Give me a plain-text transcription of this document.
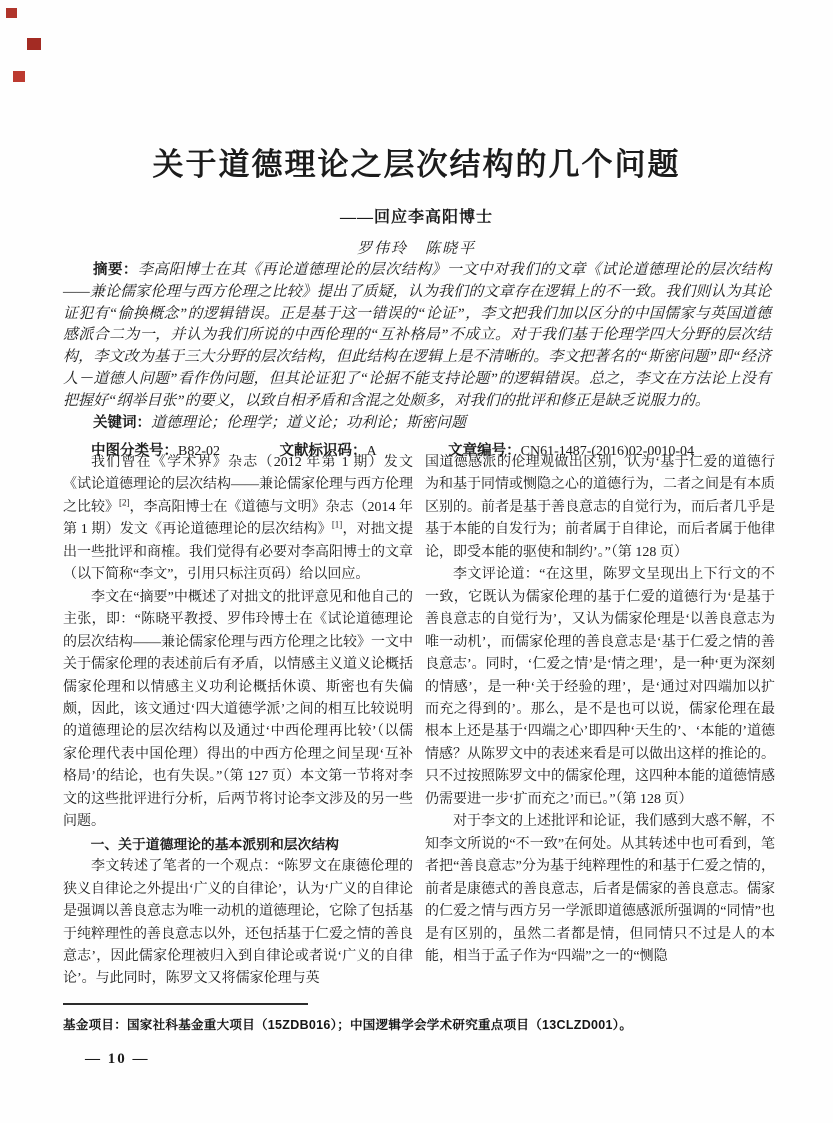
关于道德理论之层次结构的几个问题
——回应李高阳博士
罗伟玲　陈晓平

摘要：李高阳博士在其《再论道德理论的层次结构》一文中对我们的文章《试论道德理论的层次结构——兼论儒家伦理与西方伦理之比较》提出了质疑，认为我们的文章存在逻辑上的不一致。我们则认为其论证犯有“偷换概念”的逻辑错误。正是基于这一错误的“论证”，李文把我们加以区分的中国儒家与英国道德感派合二为一，并认为我们所说的中西伦理的“互补格局”不成立。对于我们基于伦理学四大分野的层次结构，李文改为基于三大分野的层次结构，但此结构在逻辑上是不清晰的。李文把著名的“斯密问题”即“经济人－道德人问题”看作伪问题，但其论证犯了“论据不能支持论题”的逻辑错误。总之，李文在方法论上没有把握好“纲举目张”的要义，以致自相矛盾和含混之处颇多，对我们的批评和修正是缺乏说服力的。

关键词：道德理论；伦理学；道义论；功利论；斯密问题

中图分类号：B82-02	文献标识码：A	文章编号：CN61-1487-(2016)02-0010-04

我们曾在《学术界》杂志（2012 年第 1 期）发文《试论道德理论的层次结构——兼论儒家伦理与西方伦理之比较》[2]，李高阳博士在《道德与文明》杂志（2014 年第 1 期）发文《再论道德理论的层次结构》[1]，对拙文提出一些批评和商榷。我们觉得有必要对李高阳博士的文章（以下简称“李文”，引用只标注页码）给以回应。

李文在“摘要”中概述了对拙文的批评意见和他自己的主张，即：“陈晓平教授、罗伟玲博士在《试论道德理论的层次结构——兼论儒家伦理与西方伦理之比较》一文中关于儒家伦理的表述前后有矛盾，以情感主义道义论概括儒家伦理和以情感主义功利论概括休谟、斯密也有失偏颇，因此，该文通过‘四大道德学派’之间的相互比较说明的道德理论的层次结构以及通过‘中西伦理再比较’（以儒家伦理代表中国伦理）得出的中西方伦理之间呈现‘互补格局’的结论，也有失误。”（第 127 页）本文第一节将对李文的这些批评进行分析，后两节将讨论李文涉及的另一些问题。

一、关于道德理论的基本派别和层次结构

李文转述了笔者的一个观点：“陈罗文在康德伦理的狭义自律论之外提出‘广义的自律论’，认为‘广义的自律论是强调以善良意志为唯一动机的道德理论，它除了包括基于纯粹理性的善良意志以外，还包括基于仁爱之情的善良意志’，因此儒家伦理被归入到自律论或者说‘广义的自律论’。与此同时，陈罗文又将儒家伦理与英

国道德感派的伦理观做出区别，认为‘基于仁爱的道德行为和基于同情或恻隐之心的道德行为，二者之间是有本质区别的。前者是基于善良意志的自觉行为，而后者几乎是基于本能的自发行为；前者属于自律论，而后者属于他律论，即受本能的驱使和制约’。”（第 128 页）

李文评论道：“在这里，陈罗文呈现出上下行文的不一致，它既认为儒家伦理的基于仁爱的道德行为‘是基于善良意志的自觉行为’，又认为儒家伦理是‘以善良意志为唯一动机’，而儒家伦理的善良意志是‘基于仁爱之情的善良意志’。同时，‘仁爱之情’是‘情之理’，是一种‘更为深刻的情感’，是一种‘关于经验的理’，是‘通过对四端加以扩而充之得到的’。那么，是不是也可以说，儒家伦理在最根本上还是基于‘四端之心’即四种‘天生的’、‘本能的’道德情感？从陈罗文中的表述来看是可以做出这样的推论的。只不过按照陈罗文中的儒家伦理，这四种本能的道德情感仍需要进一步‘扩而充之’而已。”（第 128 页）

对于李文的上述批评和论证，我们感到大惑不解，不知李文所说的“不一致”在何处。从其转述中也可看到，笔者把“善良意志”分为基于纯粹理性的和基于仁爱之情的，前者是康德式的善良意志，后者是儒家的善良意志。儒家的仁爱之情与西方另一学派即道德感派所强调的“同情”也是有区别的，虽然二者都是情，但同情只不过是人的本能，相当于孟子作为“四端”之一的“恻隐

基金项目：国家社科基金重大项目（15ZDB016）；中国逻辑学会学术研究重点项目（13CLZD001）。

— 10 —
